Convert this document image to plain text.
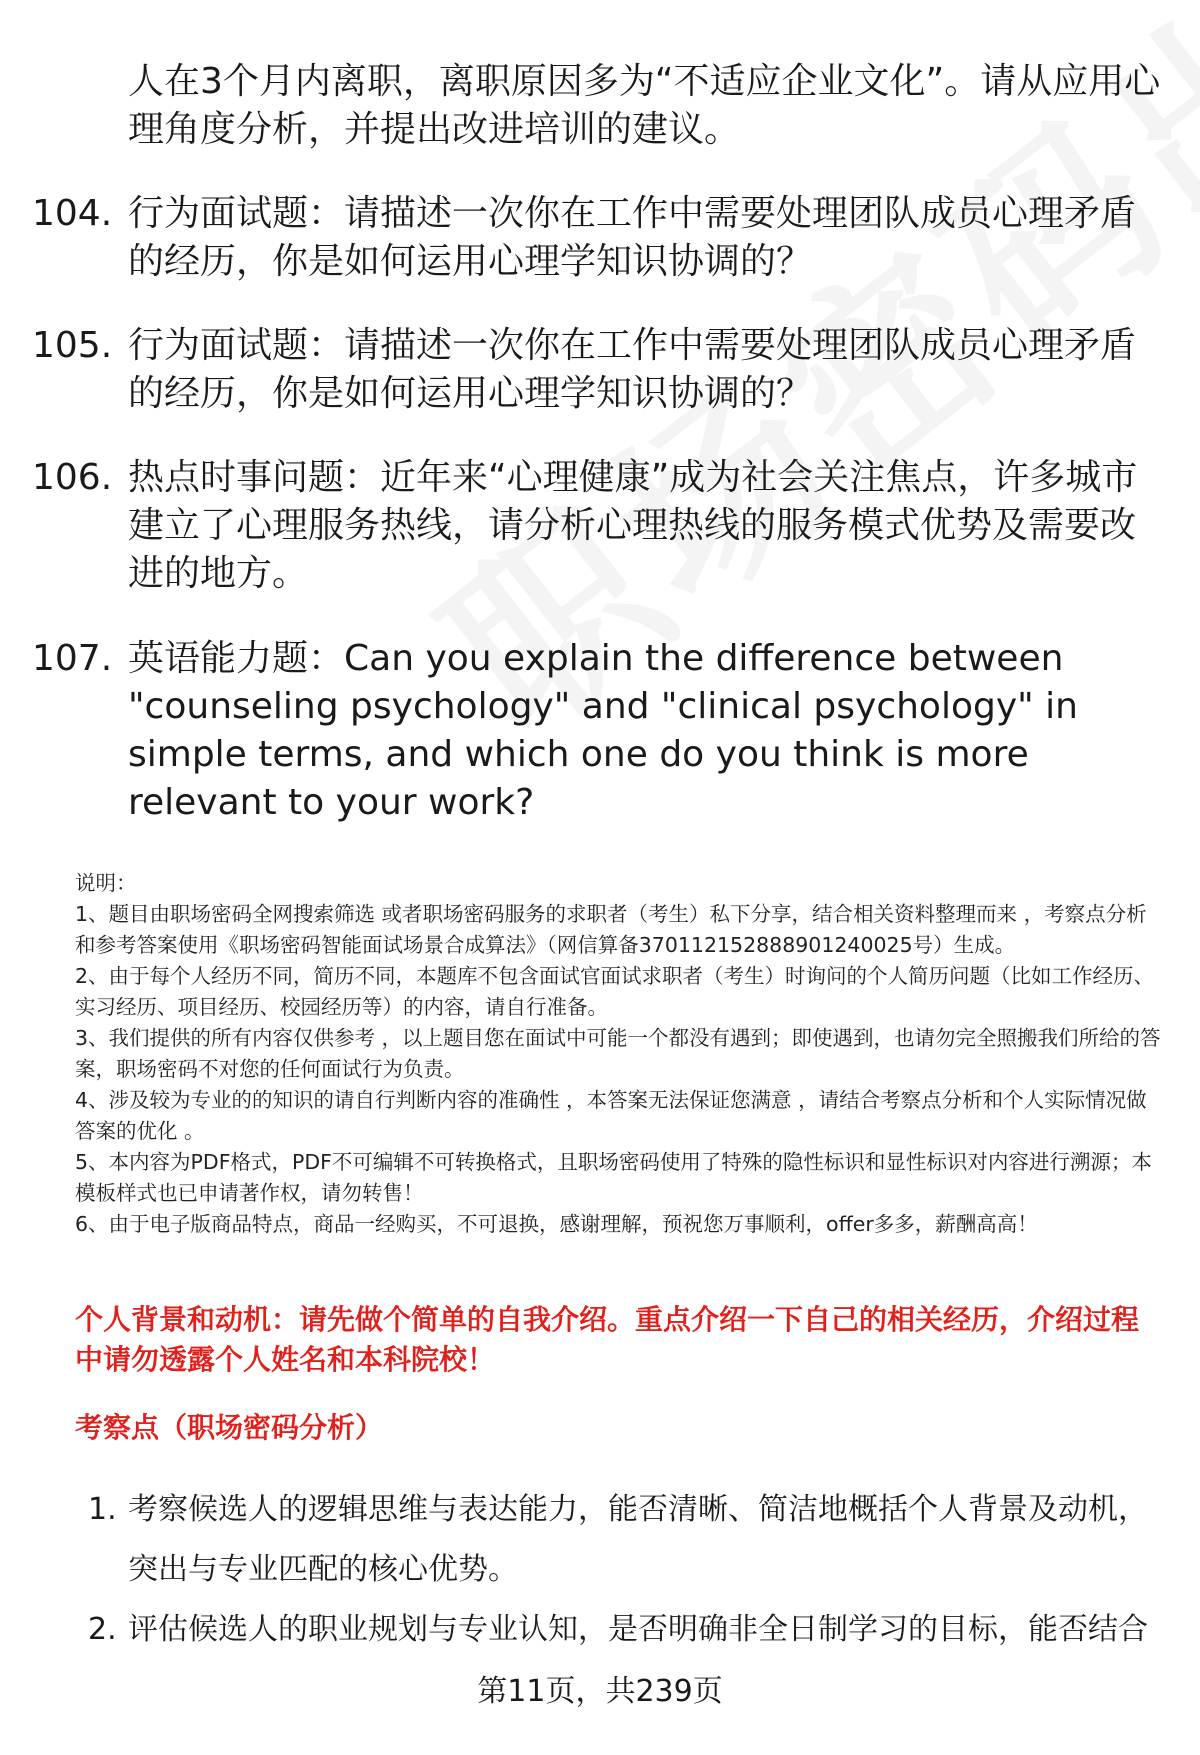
人在3个月内离职，离职原因多为“不适应企业文化”。请从应用心理角度分析，并提出改进培训的建议。
104. 行为面试题：请描述一次你在工作中需要处理团队成员心理矛盾的经历，你是如何运用心理学知识协调的？
105. 行为面试题：请描述一次你在工作中需要处理团队成员心理矛盾的经历，你是如何运用心理学知识协调的？
106. 热点时事问题：近年来“心理健康”成为社会关注焦点，许多城市建立了心理服务热线，请分析心理热线的服务模式优势及需要改进的地方。
107. 英语能力题：Can you explain the difference between "counseling psychology" and "clinical psychology" in simple terms, and which one do you think is more relevant to your work?

说明：

1、题目由职场密码全网搜索筛选 或者职场密码服务的求职者（考生）私下分享，结合相关资料整理而来 ，考察点分析和参考答案使用《职场密码智能面试场景合成算法》（网信算备370112152888901240025号）生成。

2、由于每个人经历不同，简历不同，本题库不包含面试官面试求职者（考生）时询问的个人简历问题（比如工作经历、实习经历、项目经历、校园经历等）的内容，请自行准备。

3、我们提供的所有内容仅供参考 ，以上题目您在面试中可能一个都没有遇到；即使遇到，也请勿完全照搬我们所给的答案，职场密码不对您的任何面试行为负责。

4、涉及较为专业的的知识的请自行判断内容的准确性 ，本答案无法保证您满意 ，请结合考察点分析和个人实际情况做答案的优化 。

5、本内容为PDF格式，PDF不可编辑不可转换格式，且职场密码使用了特殊的隐性标识和显性标识对内容进行溯源；本模板样式也已申请著作权，请勿转售！

6、由于电子版商品特点，商品一经购买，不可退换，感谢理解，预祝您万事顺利，offer多多，薪酬高高！

个人背景和动机：请先做个简单的自我介绍。重点介绍一下自己的相关经历，介绍过程中请勿透露个人姓名和本科院校！
考察点（职场密码分析）
1. 考察候选人的逻辑思维与表达能力，能否清晰、简洁地概括个人背景及动机，突出与专业匹配的核心优势。
2. 评估候选人的职业规划与专业认知，是否明确非全日制学习的目标，能否结合
第11页，共239页
